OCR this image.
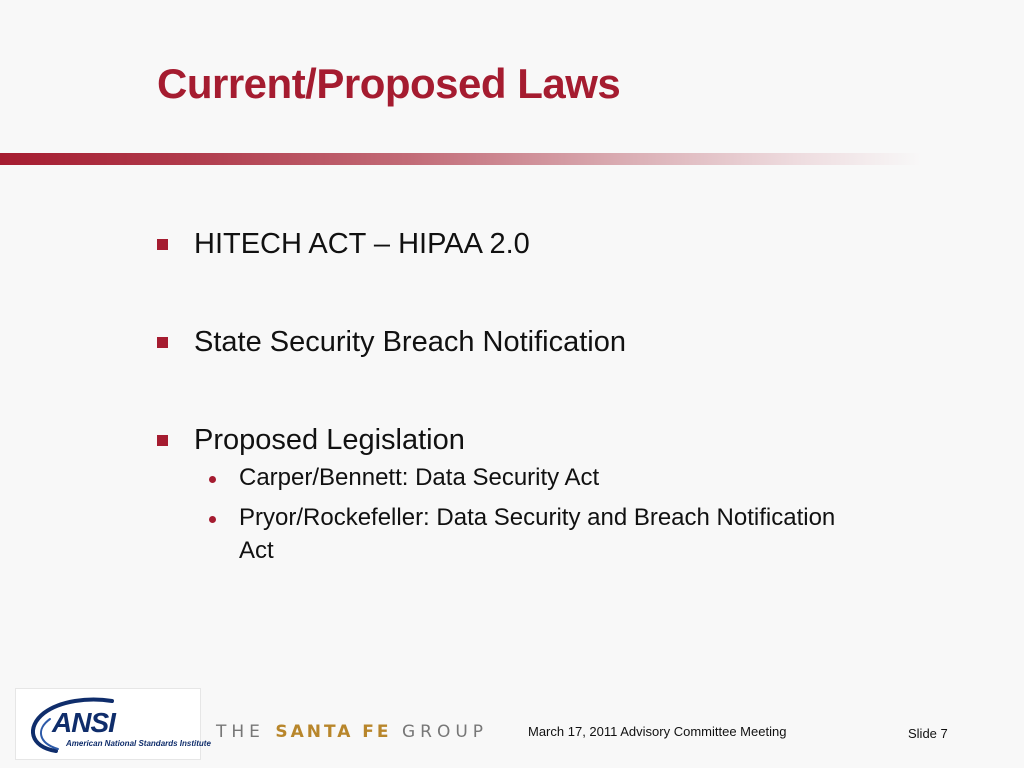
Current/Proposed Laws
HITECH ACT – HIPAA 2.0
State Security Breach Notification
Proposed Legislation
Carper/Bennett: Data Security Act
Pryor/Rockefeller: Data Security and Breach Notification Act
ANSI
American National Standards Institute
THE SANTA FE GROUP	March 17, 2011 Advisory Committee Meeting	Slide 7
